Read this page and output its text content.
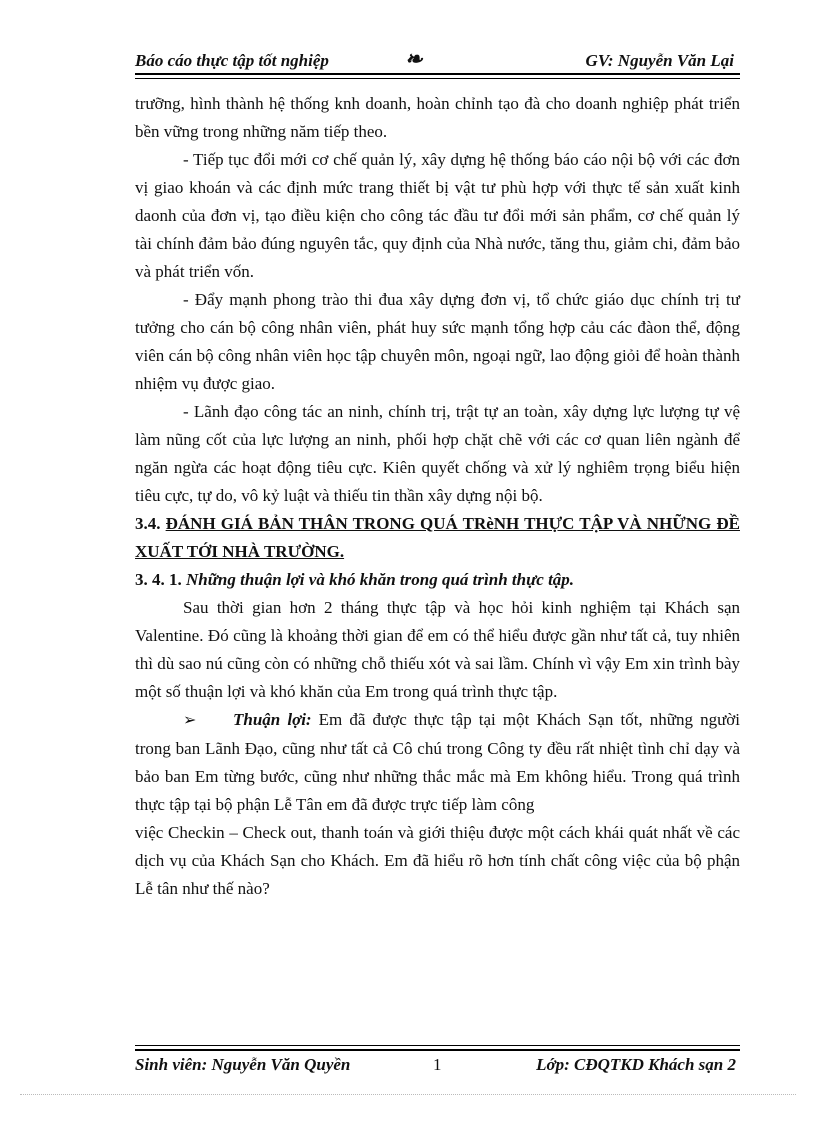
Báo cáo thực tập tốt nghiệp	❧	GV: Nguyễn Văn Lại

trưỡng, hình thành hệ thống knh doanh, hoàn chỉnh tạo đà cho doanh nghiệp phát triển bền vững trong những năm tiếp theo.

- Tiếp tục đổi mới cơ chế quản lý, xây dựng hệ thống báo cáo nội bộ với các đơn vị giao khoán và các định mức trang thiết bị vật tư phù hợp với thực tế sản xuất kinh daonh của đơn vị, tạo điều kiện cho công tác đầu tư đổi mới sản phẩm, cơ chế quản lý tài chính đảm bảo đúng nguyên tắc, quy định của Nhà nước, tăng thu, giảm chi, đảm bảo và phát triển vốn.

- Đẩy mạnh phong trào thi đua xây dựng đơn vị, tổ chức giáo dục chính trị tư tưởng cho cán bộ công nhân viên, phát huy sức mạnh tổng hợp cảu các đàon thể, động viên cán bộ công nhân viên học tập chuyên môn, ngoại ngữ, lao động giỏi để hoàn thành nhiệm vụ được giao.

- Lãnh đạo công tác an ninh, chính trị, trật tự an toàn, xây dựng lực lượng tự vệ làm nũng cốt của lực lượng an ninh, phối hợp chặt chẽ với các cơ quan liên ngành để ngăn ngừa các hoạt động tiêu cực. Kiên quyết chống và xử lý nghiêm trọng biểu hiện tiêu cực, tự do, vô kỷ luật và thiếu tin thần xây dựng nội bộ.

3.4. ĐÁNH GIÁ BẢN THÂN TRONG QUÁ TRèNH THỰC TẬP VÀ NHỮNG ĐỀ XUẤT TỚI NHÀ TRƯỜNG.

3. 4. 1. Những thuận lợi và khó khăn trong quá trình thực tập.

Sau thời gian hơn 2 tháng thực tập và học hỏi kinh nghiệm tại Khách sạn Valentine. Đó cũng là khoảng thời gian để em có thể hiểu được gần như tất cả, tuy nhiên thì dù sao nú cũng còn có những chỗ thiếu xót và sai lầm. Chính vì vậy Em xin trình bày một số thuận lợi và khó khăn của Em trong quá trình thực tập.

➢ Thuận lợi: Em đã được thực tập tại một Khách Sạn tốt, những người trong ban Lãnh Đạo, cũng như tất cả Cô chú trong Công ty đều rất nhiệt tình chỉ dạy và bảo ban Em từng bước, cũng như những thắc mắc mà Em không hiểu. Trong quá trình thực tập tại bộ phận Lễ Tân em đã được trực tiếp làm công

việc Checkin – Check out, thanh toán và giới thiệu được một cách khái quát nhất về các dịch vụ của Khách Sạn cho Khách. Em đã hiểu rõ hơn tính chất công việc của bộ phận Lễ tân như thế nào?

Sinh viên: Nguyễn Văn Quyền	1	Lớp: CĐQTKD Khách sạn 2
